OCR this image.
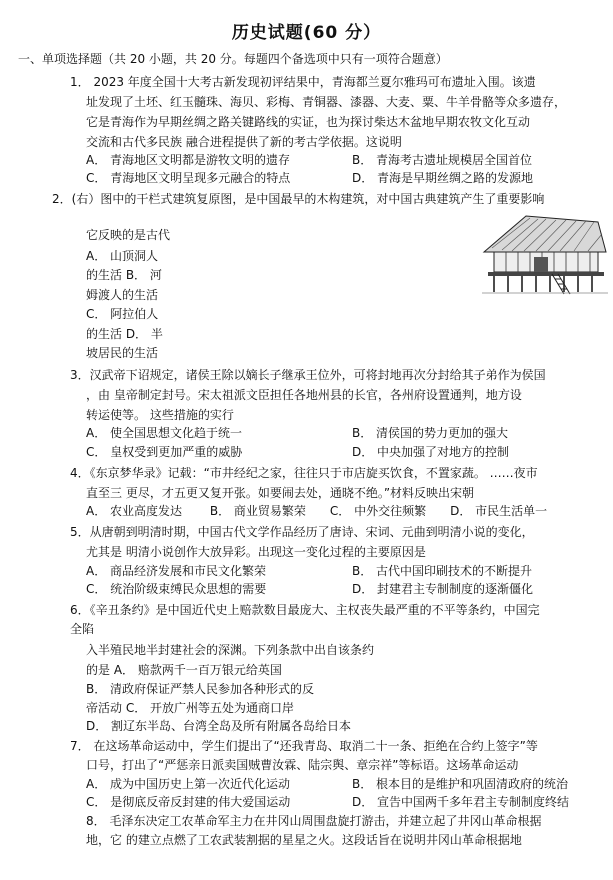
历史试题(60 分）
一、单项选择题（共 20 小题，共 20 分。每题四个备选项中只有一项符合题意）
1． 2023 年度全国十大考古新发现初评结果中，青海都兰夏尔雅玛可布遗址入围。该遗
址发现了土坯、红玉髓珠、海贝、彩梅、青铜器、漆器、大麦、粟、牛羊骨骼等众多遗存，
它是青海作为早期丝绸之路关键路线的实证，也为探讨柴达木盆地早期农牧文化互动
交流和古代多民族 融合进程提供了新的考古学依据。这说明
A． 青海地区文明都是游牧文明的遗存	B． 青海考古遗址规模居全国首位
C． 青海地区文明呈现多元融合的特点	D． 青海是早期丝绸之路的发源地
2．(右）图中的干栏式建筑复原图，是中国最早的木构建筑，对中国古典建筑产生了重要影响
它反映的是古代
A． 山顶洞人
的生活 B． 河
姆渡人的生活
C． 阿拉伯人
的生活 D． 半
坡居民的生活
3．汉武帝下诏规定，诸侯王除以嫡长子继承王位外，可将封地再次分封给其子弟作为侯国
，由 皇帝制定封号。宋太祖派文臣担任各地州县的长官，各州府设置通判，地方设
转运使等。 这些措施的实行
A． 使全国思想文化趋于统一	B． 清侯国的势力更加的强大
C． 皇权受到更加严重的威胁	D． 中央加强了对地方的控制
4．《东京梦华录》记载：“市井经纪之家，往往只于市店旋买饮食，不置家蔬。 ……夜市
直至三 更尽，才五更又复开张。如要闹去处，通晓不绝。”材料反映出宋朝
A． 农业高度发达　　 B． 商业贸易繁荣　　C． 中外交往频繁　　D． 市民生活单一
5．从唐朝到明清时期，中国古代文学作品经历了唐诗、宋词、元曲到明清小说的变化，
尤其是 明清小说创作大放异彩。出现这一变化过程的主要原因是
A． 商品经济发展和市民文化繁荣	B． 古代中国印刷技术的不断提升
C． 统治阶级束缚民众思想的需要	D． 封建君主专制制度的逐渐僵化
6．《辛丑条约》是中国近代史上赔款数目最庞大、主权丧失最严重的不平等条约，中国完
全陷
入半殖民地半封建社会的深渊。下列条款中出自该条约
的是 A． 赔款两千一百万银元给英国
B． 清政府保证严禁人民参加各种形式的反
帝活动 C． 开放广州等五处为通商口岸
D． 割辽东半岛、台湾全岛及所有附属各岛给日本
7． 在这场革命运动中，学生们提出了“还我青岛、取消二十一条、拒绝在合约上签字”等
口号，打出了“严惩亲日派卖国贼曹汝霖、陆宗舆、章宗祥”等标语。这场革命运动
A． 成为中国历史上第一次近代化运动	B． 根本目的是维护和巩固清政府的统治
C． 是彻底反帝反封建的伟大爱国运动	D． 宣告中国两千多年君主专制制度终结
8． 毛泽东决定工农革命军主力在井冈山周围盘旋打游击，并建立起了井冈山革命根据
地，它 的建立点燃了工农武装割据的星星之火。这段话旨在说明井冈山革命根据地
